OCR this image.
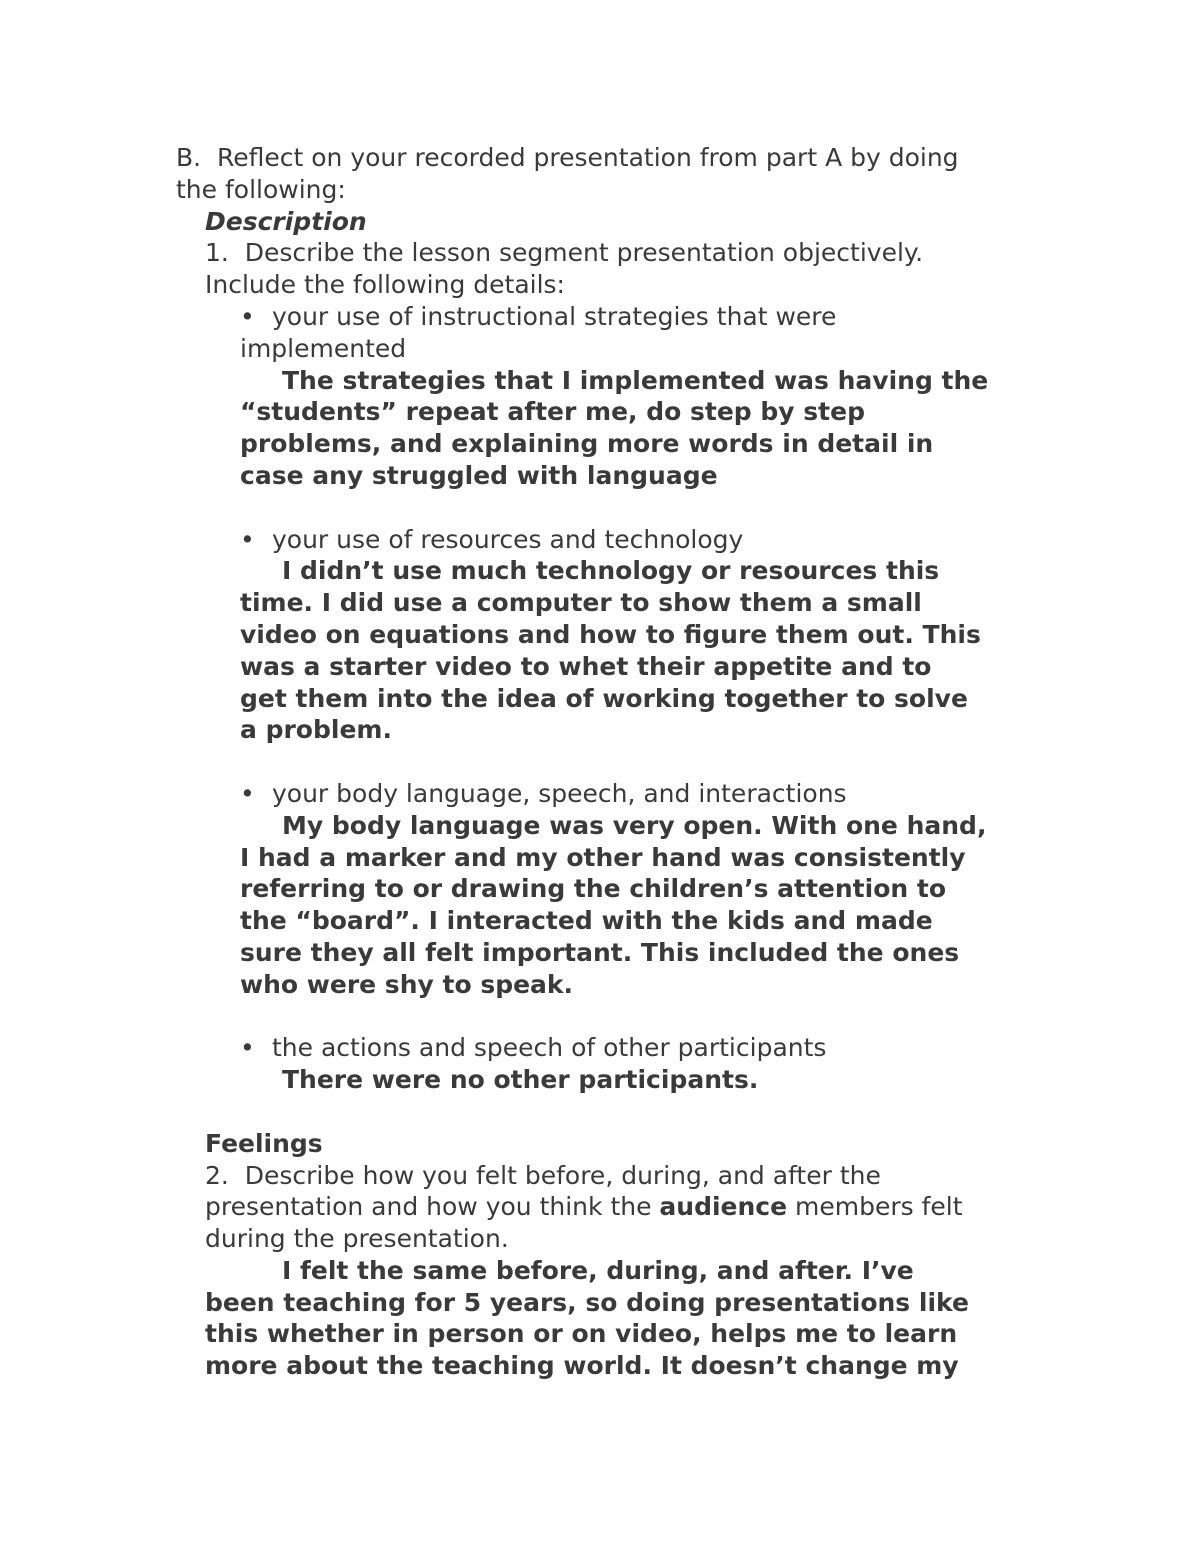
B.  Reflect on your recorded presentation from part A by doing
the following:
Description
1.  Describe the lesson segment presentation objectively.
Include the following details:
• your use of instructional strategies that were
implemented
The strategies that I implemented was having the
“students” repeat after me, do step by step
problems, and explaining more words in detail in
case any struggled with language
• your use of resources and technology
I didn’t use much technology or resources this
time. I did use a computer to show them a small
video on equations and how to figure them out. This
was a starter video to whet their appetite and to
get them into the idea of working together to solve
a problem.
• your body language, speech, and interactions
My body language was very open. With one hand,
I had a marker and my other hand was consistently
referring to or drawing the children’s attention to
the “board”. I interacted with the kids and made
sure they all felt important. This included the ones
who were shy to speak.
• the actions and speech of other participants
There were no other participants.
Feelings
2.  Describe how you felt before, during, and after the
presentation and how you think the audience members felt
during the presentation.
I felt the same before, during, and after. I’ve
been teaching for 5 years, so doing presentations like
this whether in person or on video, helps me to learn
more about the teaching world. It doesn’t change my
